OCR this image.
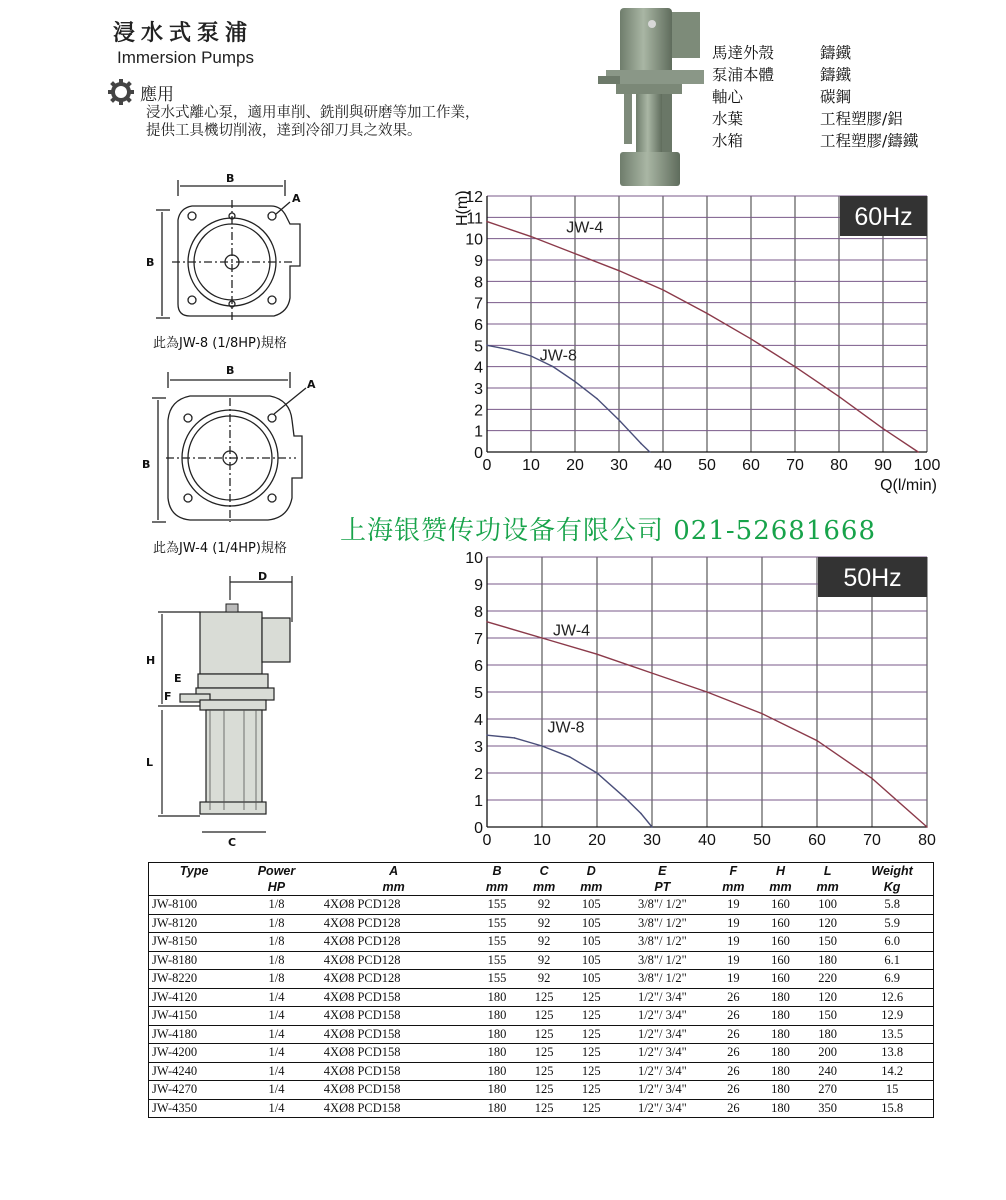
浸水式泵浦
Immersion Pumps
應用
浸水式離心泵，適用車削、銑削與研磨等加工作業，
提供工具機切削液，達到冷卻刀具之效果。
馬達外殼	鑄鐵
泵浦本體	鑄鐵
軸心	碳鋼
水葉	工程塑膠/鋁
水箱	工程塑膠/鑄鐵
B
B
A
此為JW-8 (1/8HP)規格
B
B
A
此為JW-4 (1/4HP)規格
D
H
E
F
L
C
0 10 20 30 40 50 60 70 80 90 100
0
1
2
3
4
5
6
7
8
9
10
11
12
JW-4
JW-8
60Hz
H(m)
Q(l/min)
0	10 20 30 40 50 60 70 80
0
1
2
3
4
5
6
7
8
9
10
JW-4
JW-8
50Hz
上海银赞传功设备有限公司 021-52681668
Type	Power	A	B	C	D	E	F	H	L	Weight
	HP	mm	mm	mm	mm	PT	mm	mm	mm	Kg
JW-8100	1/8	4XØ8 PCD128	155	92	105	3/8"/ 1/2"	19	160	100	5.8
JW-8120	1/8	4XØ8 PCD128	155	92	105	3/8"/ 1/2"	19	160	120	5.9
JW-8150	1/8	4XØ8 PCD128	155	92	105	3/8"/ 1/2"	19	160	150	6.0
JW-8180	1/8	4XØ8 PCD128	155	92	105	3/8"/ 1/2"	19	160	180	6.1
JW-8220	1/8	4XØ8 PCD128	155	92	105	3/8"/ 1/2"	19	160	220	6.9
JW-4120	1/4	4XØ8 PCD158	180	125	125	1/2"/ 3/4"	26	180	120	12.6
JW-4150	1/4	4XØ8 PCD158	180	125	125	1/2"/ 3/4"	26	180	150	12.9
JW-4180	1/4	4XØ8 PCD158	180	125	125	1/2"/ 3/4"	26	180	180	13.5
JW-4200	1/4	4XØ8 PCD158	180	125	125	1/2"/ 3/4"	26	180	200	13.8
JW-4240	1/4	4XØ8 PCD158	180	125	125	1/2"/ 3/4"	26	180	240	14.2
JW-4270	1/4	4XØ8 PCD158	180	125	125	1/2"/ 3/4"	26	180	270	15
JW-4350	1/4	4XØ8 PCD158	180	125	125	1/2"/ 3/4"	26	180	350	15.8
